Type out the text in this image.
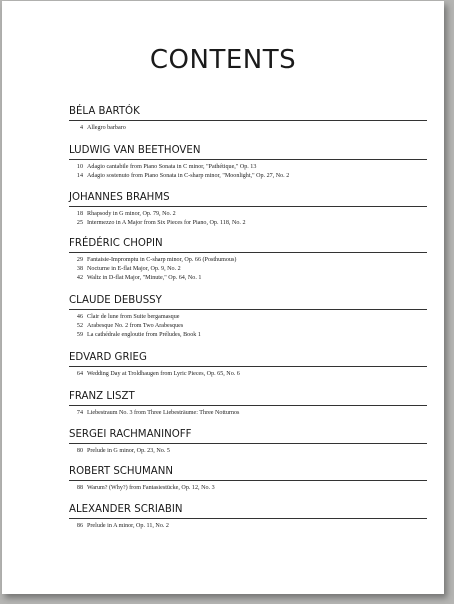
CONTENTS
BÉLA BARTÓK
4 Allegro barbaro
LUDWIG VAN BEETHOVEN
10 Adagio cantabile from Piano Sonata in C minor, "Pathétique," Op. 13
14 Adagio sostenuto from Piano Sonata in C-sharp minor, "Moonlight," Op. 27, No. 2
JOHANNES BRAHMS
18 Rhapsody in G minor, Op. 79, No. 2
25 Intermezzo in A Major from Six Pieces for Piano, Op. 118, No. 2
FRÉDÉRIC CHOPIN
29 Fantaisie-Impromptu in C-sharp minor, Op. 66 (Posthumous)
38 Nocturne in E-flat Major, Op. 9, No. 2
42 Waltz in D-flat Major, "Minute," Op. 64, No. 1
CLAUDE DEBUSSY
46 Clair de lune from Suite bergamasque
52 Arabesque No. 2 from Two Arabesques
59 La cathédrale engloutie from Préludes, Book 1
EDVARD GRIEG
64 Wedding Day at Troldhaugen from Lyric Pieces, Op. 65, No. 6
FRANZ LISZT
74 Liebestraum No. 3 from Three Liebesträume: Three Notturnos
SERGEI RACHMANINOFF
80 Prelude in G minor, Op. 23, No. 5
ROBERT SCHUMANN
88 Warum? (Why?) from Fantasiestücke, Op. 12, No. 3
ALEXANDER SCRIABIN
86 Prelude in A minor, Op. 11, No. 2
